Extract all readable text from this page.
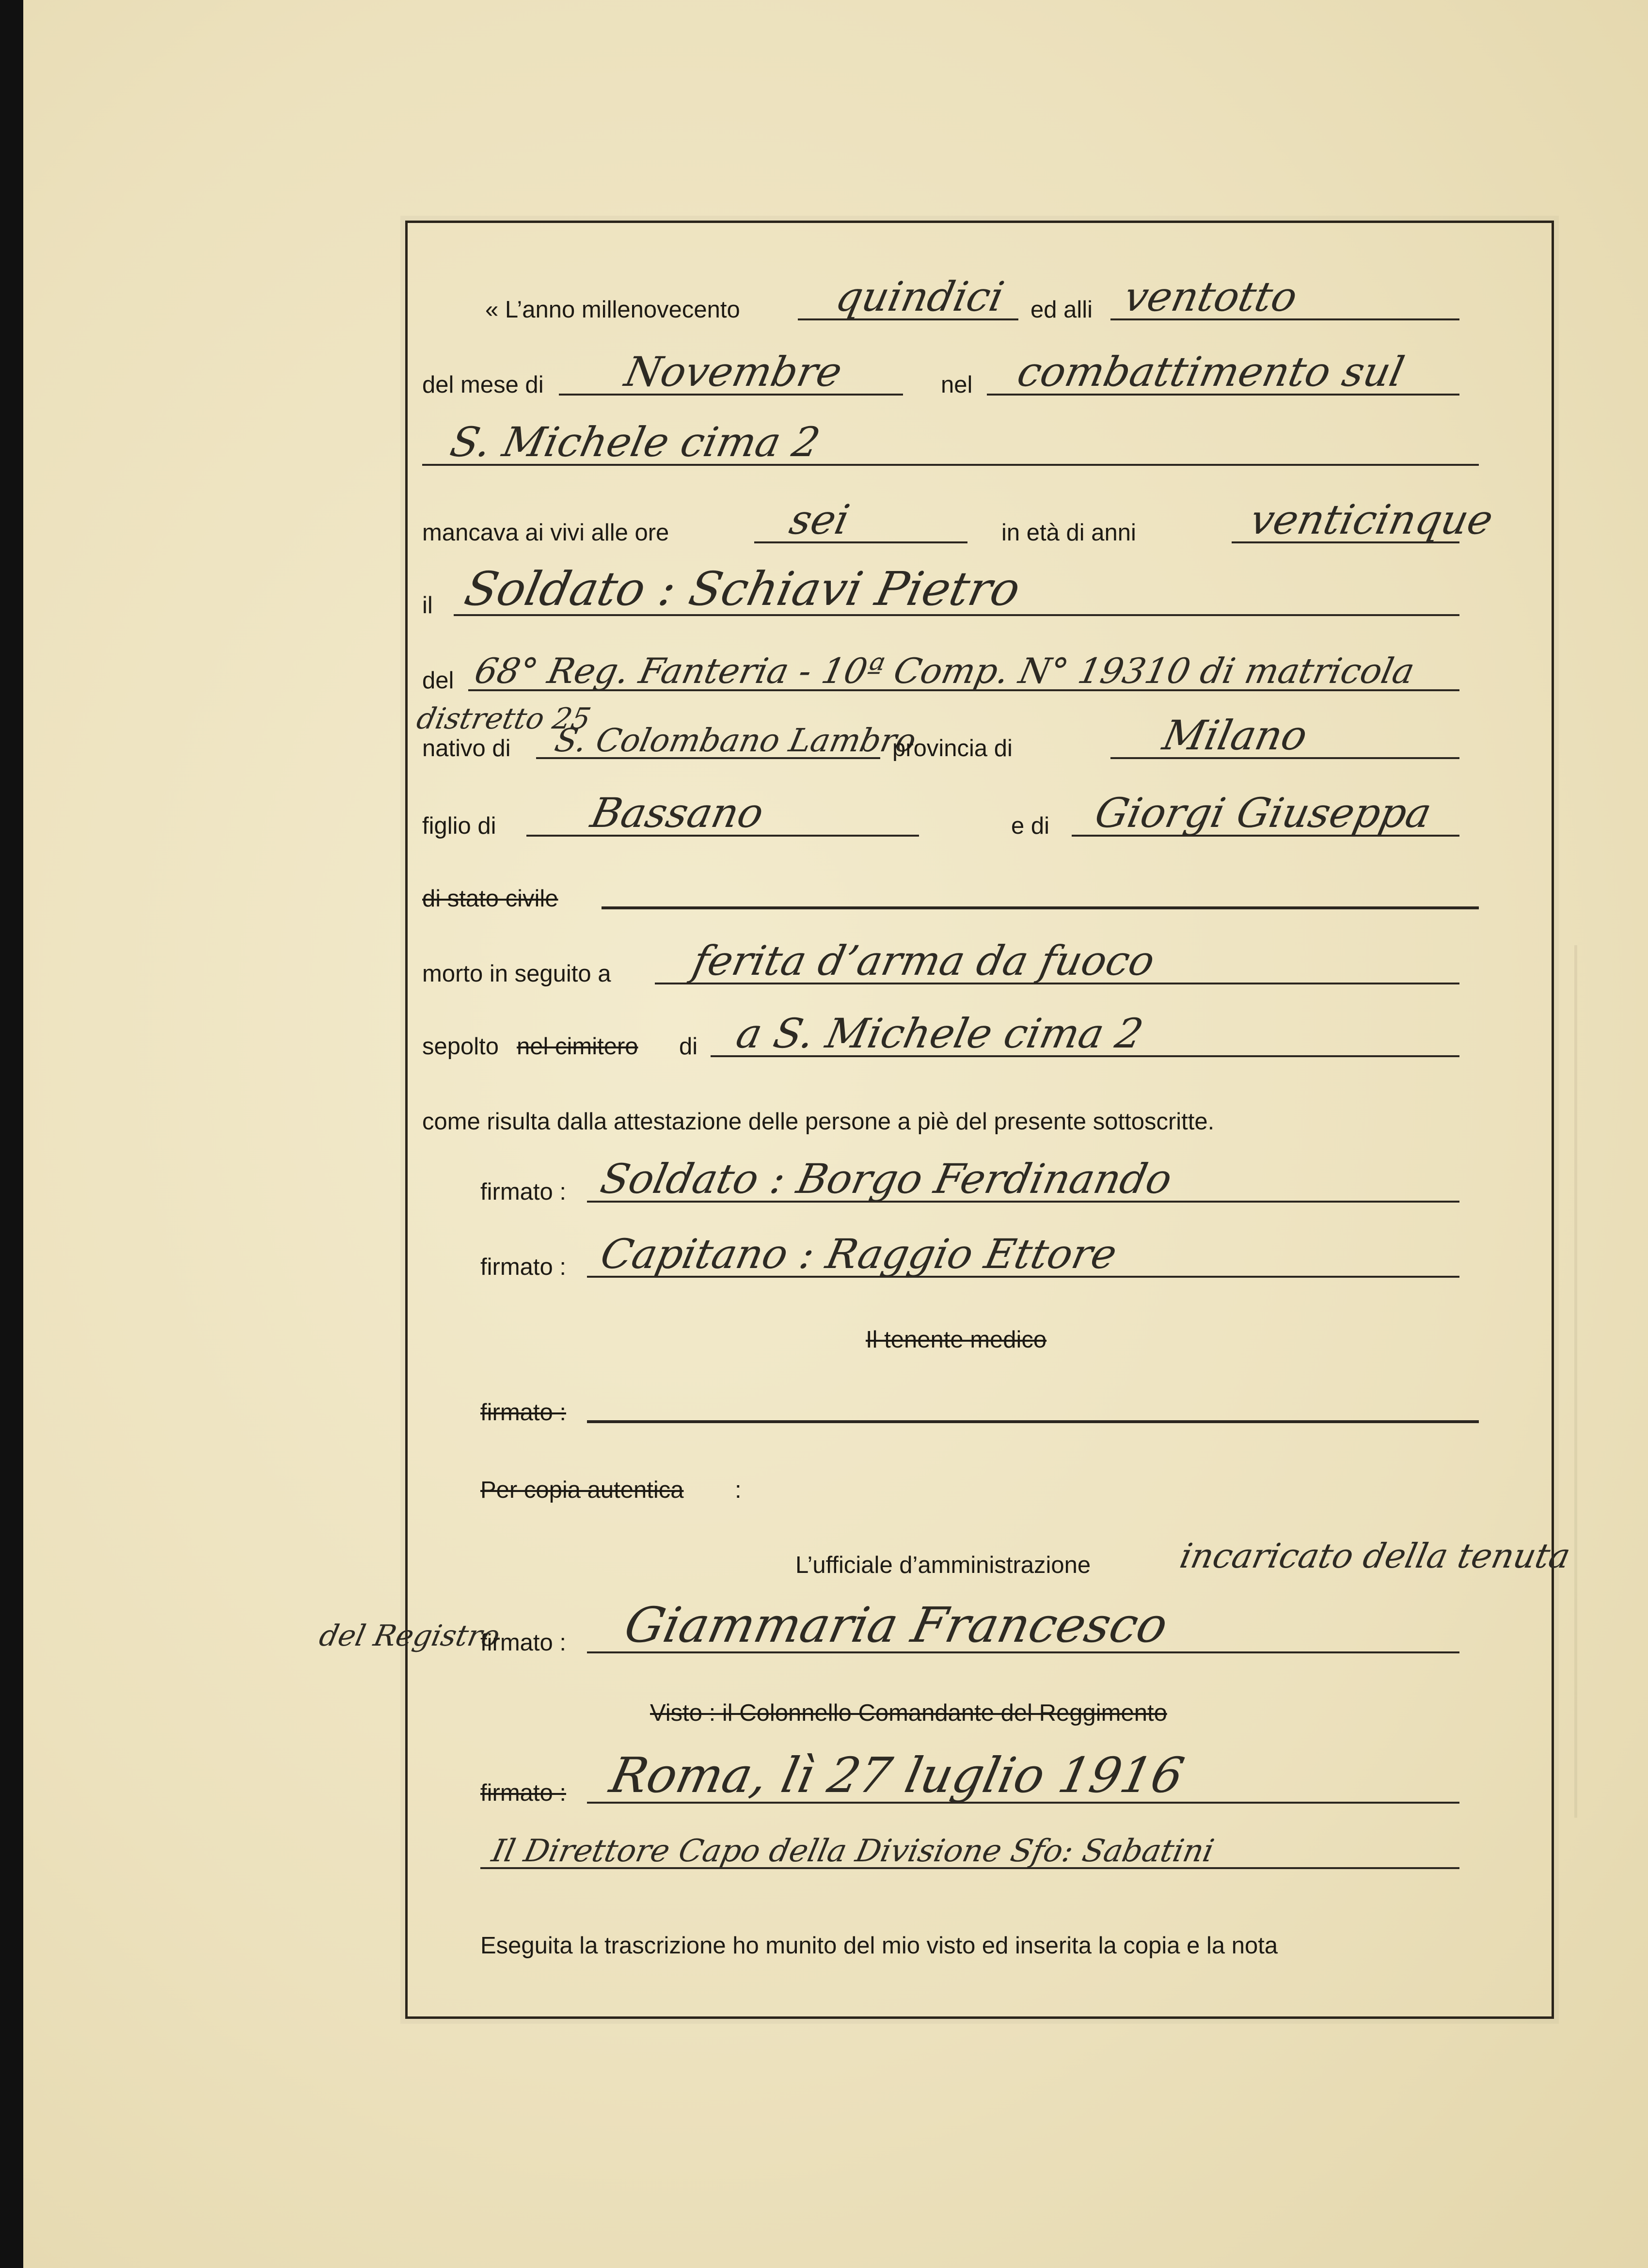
del Registro
« L’anno millenovecento quindici ed alli ventotto
del mese di Novembre	nel combattimento sul
S. Michele cima 2
mancava ai vivi alle ore	sei	in età di anni	venticinque
il Soldato : Schiavi Pietro
del 68° Reg. Fanteria - 10ª Comp. N° 19310 di matricola
distretto 25
nativo di S. Colombano Lambro
provincia di	Milano
figlio di Bassano	e di Giorgi Giuseppa
di stato civile
morto in seguito a ferita d’arma da fuoco
sepolto nel cimitero di a S. Michele cima 2
come risulta dalla attestazione delle persone a piè del presente sottoscritte.
firmato : Soldato : Borgo Ferdinando
firmato : Capitano : Raggio Ettore
Il tenente medico
firmato :
Per copia autentica :
L’ufficiale d’amministrazione	incaricato della tenuta
firmato : Giammaria Francesco
Visto : il Colonnello Comandante del Reggimento
firmato : Roma, lì 27 luglio 1916
Il Direttore Capo della Divisione Sfo: Sabatini
Eseguita la trascrizione ho munito del mio visto ed inserita la copia e la nota
